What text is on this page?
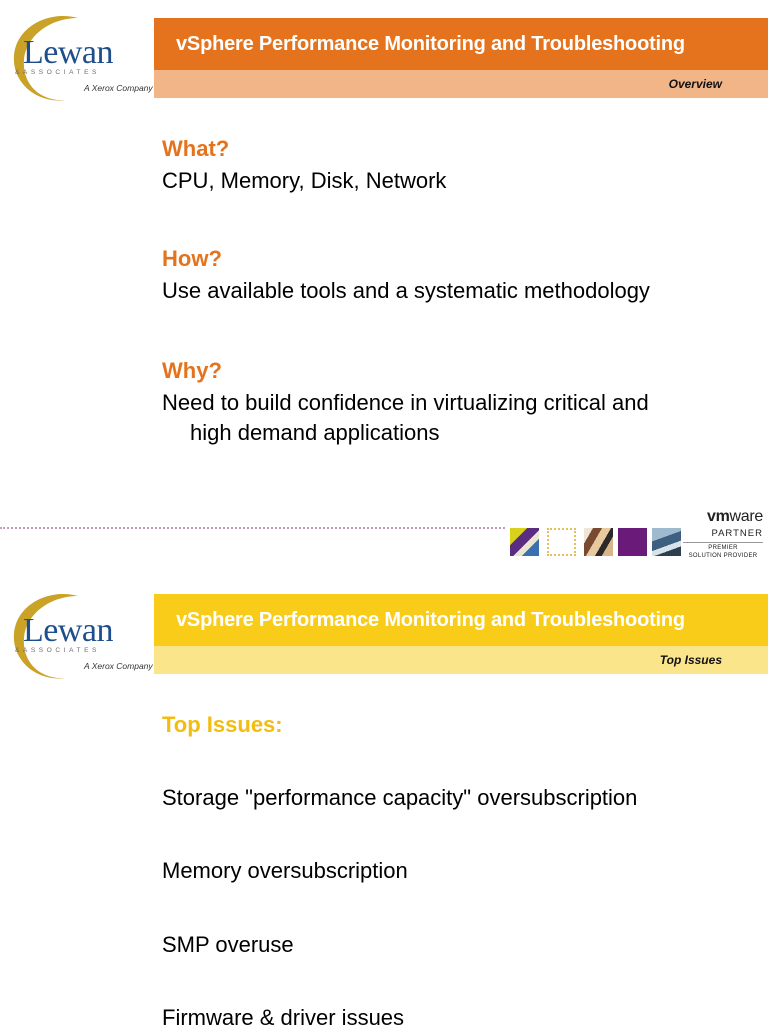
Lewan
&ASSOCIATES
A Xerox Company
vSphere Performance Monitoring and Troubleshooting
Overview
What?
CPU, Memory, Disk, Network
How?
Use available tools and a systematic methodology
Why?
Need to build confidence in virtualizing critical and
high demand applications
vmware
PARTNER
PREMIER
SOLUTION PROVIDER
Lewan
&ASSOCIATES
A Xerox Company
vSphere Performance Monitoring and Troubleshooting
Top Issues
Top Issues:
Storage "performance capacity" oversubscription
Memory oversubscription
SMP overuse
Firmware & driver issues
